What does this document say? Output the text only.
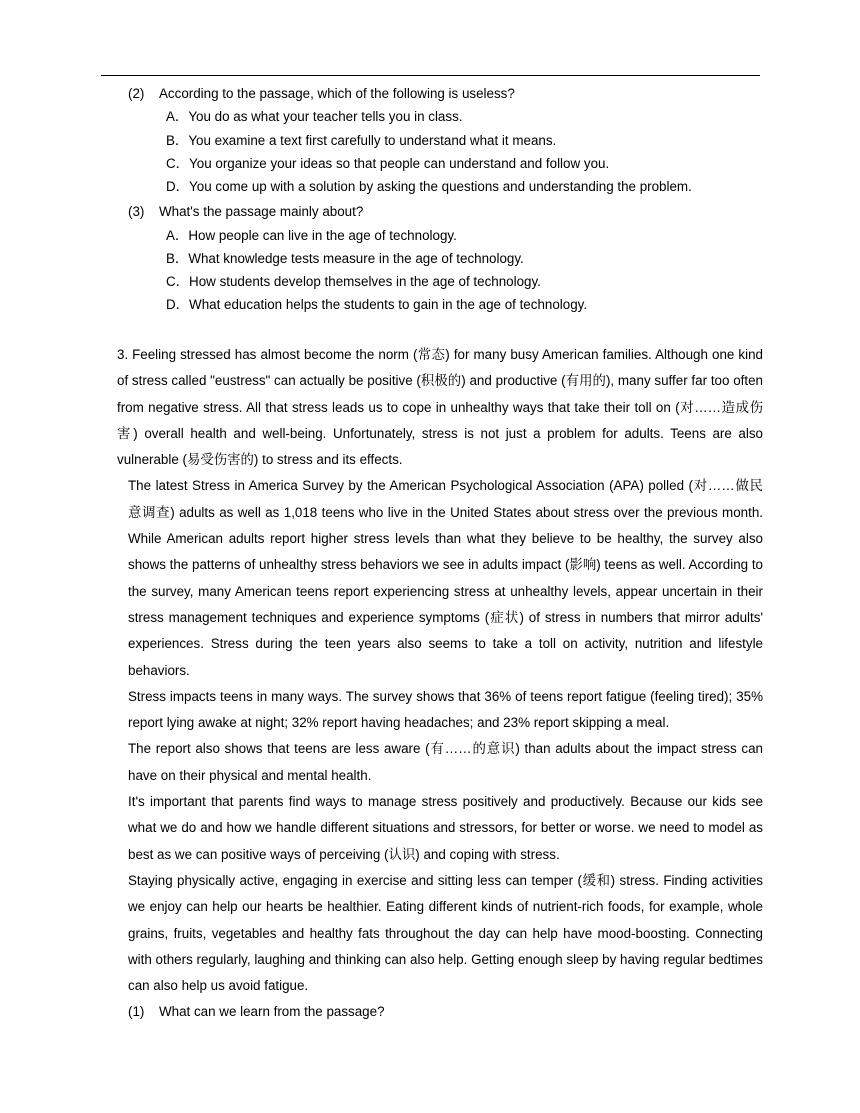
(2) According to the passage, which of the following is useless?
A．You do as what your teacher tells you in class.
B．You examine a text first carefully to understand what it means.
C．You organize your ideas so that people can understand and follow you.
D．You come up with a solution by asking the questions and understanding the problem.
(3) What's the passage mainly about?
A．How people can live in the age of technology.
B．What knowledge tests measure in the age of technology.
C．How students develop themselves in the age of technology.
D．What education helps the students to gain in the age of technology.

3. Feeling stressed has almost become the norm (常态) for many busy American families. Although one kind of stress called "eustress" can actually be positive (积极的) and productive (有用的), many suffer far too often from negative stress. All that stress leads us to cope in unhealthy ways that take their toll on (对……造成伤害) overall health and well-being. Unfortunately, stress is not just a problem for adults. Teens are also vulnerable (易受伤害的) to stress and its effects.

The latest Stress in America Survey by the American Psychological Association (APA) polled (对……做民意调查) adults as well as 1,018 teens who live in the United States about stress over the previous month. While American adults report higher stress levels than what they believe to be healthy, the survey also shows the patterns of unhealthy stress behaviors we see in adults impact (影响) teens as well. According to the survey, many American teens report experiencing stress at unhealthy levels, appear uncertain in their stress management techniques and experience symptoms (症状) of stress in numbers that mirror adults' experiences. Stress during the teen years also seems to take a toll on activity, nutrition and lifestyle behaviors.

Stress impacts teens in many ways. The survey shows that 36% of teens report fatigue (feeling tired); 35% report lying awake at night; 32% report having headaches; and 23% report skipping a meal.

The report also shows that teens are less aware (有……的意识) than adults about the impact stress can have on their physical and mental health.

It's important that parents find ways to manage stress positively and productively. Because our kids see what we do and how we handle different situations and stressors, for better or worse. we need to model as best as we can positive ways of perceiving (认识) and coping with stress.

Staying physically active, engaging in exercise and sitting less can temper (缓和) stress. Finding activities we enjoy can help our hearts be healthier. Eating different kinds of nutrient-rich foods, for example, whole grains, fruits, vegetables and healthy fats throughout the day can help have mood-boosting. Connecting with others regularly, laughing and thinking can also help. Getting enough sleep by having regular bedtimes can also help us avoid fatigue.

(1) What can we learn from the passage?
